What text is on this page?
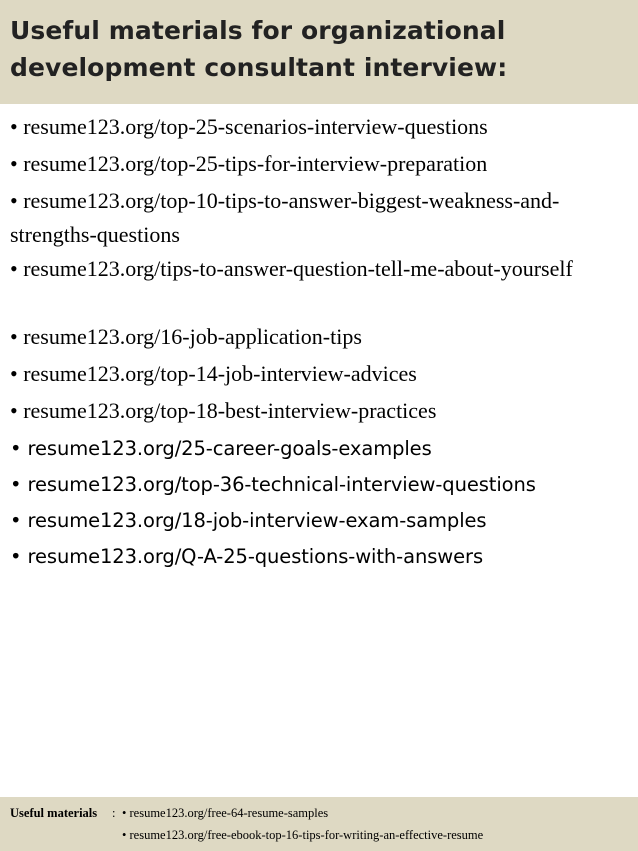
Useful materials for organizational
development consultant interview:
• resume123.org/top-25-scenarios-interview-questions
• resume123.org/top-25-tips-for-interview-preparation
• resume123.org/top-10-tips-to-answer-biggest-weakness-and-strengths-questions
• resume123.org/tips-to-answer-question-tell-me-about-yourself
• resume123.org/16-job-application-tips
• resume123.org/top-14-job-interview-advices
• resume123.org/top-18-best-interview-practices
• resume123.org/25-career-goals-examples
• resume123.org/top-36-technical-interview-questions
• resume123.org/18-job-interview-exam-samples
• resume123.org/Q-A-25-questions-with-answers
Useful materials : • resume123.org/free-64-resume-samples
• resume123.org/free-ebook-top-16-tips-for-writing-an-effective-resume
